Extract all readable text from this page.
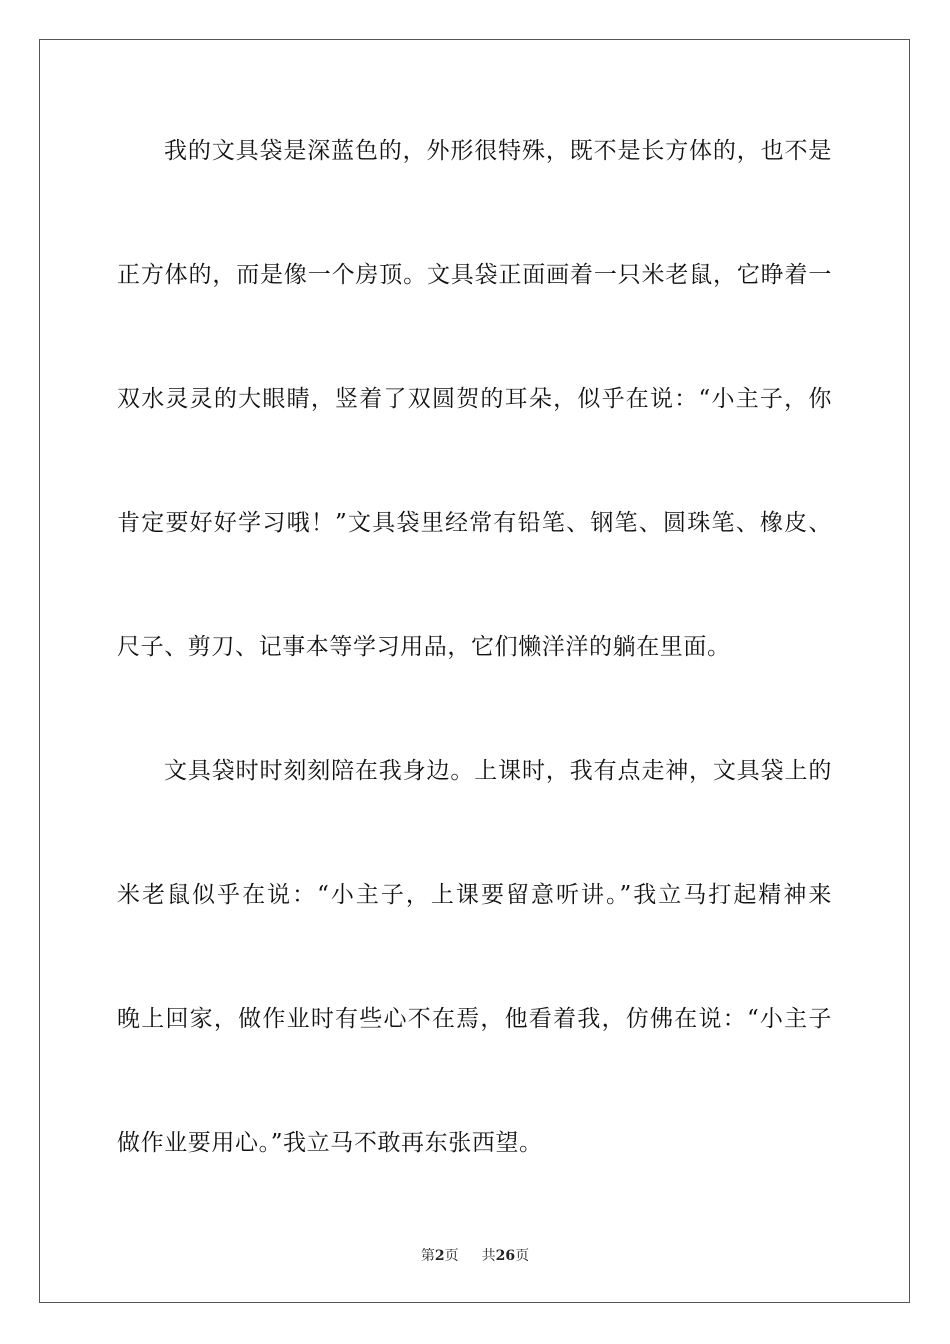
我的文具袋是深蓝色的，外形很特殊，既不是长方体的，也不是
正方体的，而是像一个房顶。文具袋正面画着一只米老鼠，它睁着一
双水灵灵的大眼睛，竖着了双圆贺的耳朵，似乎在说：“小主子，你
肯定要好好学习哦！”文具袋里经常有铅笔、钢笔、圆珠笔、橡皮、
尺子、剪刀、记事本等学习用品，它们懒洋洋的躺在里面。
文具袋时时刻刻陪在我身边。上课时，我有点走神，文具袋上的
米老鼠似乎在说：“小主子，上课要留意听讲。”我立马打起精神来
晚上回家，做作业时有些心不在焉，他看着我，仿佛在说：“小主子
做作业要用心。”我立马不敢再东张西望。
第2页 共26页
